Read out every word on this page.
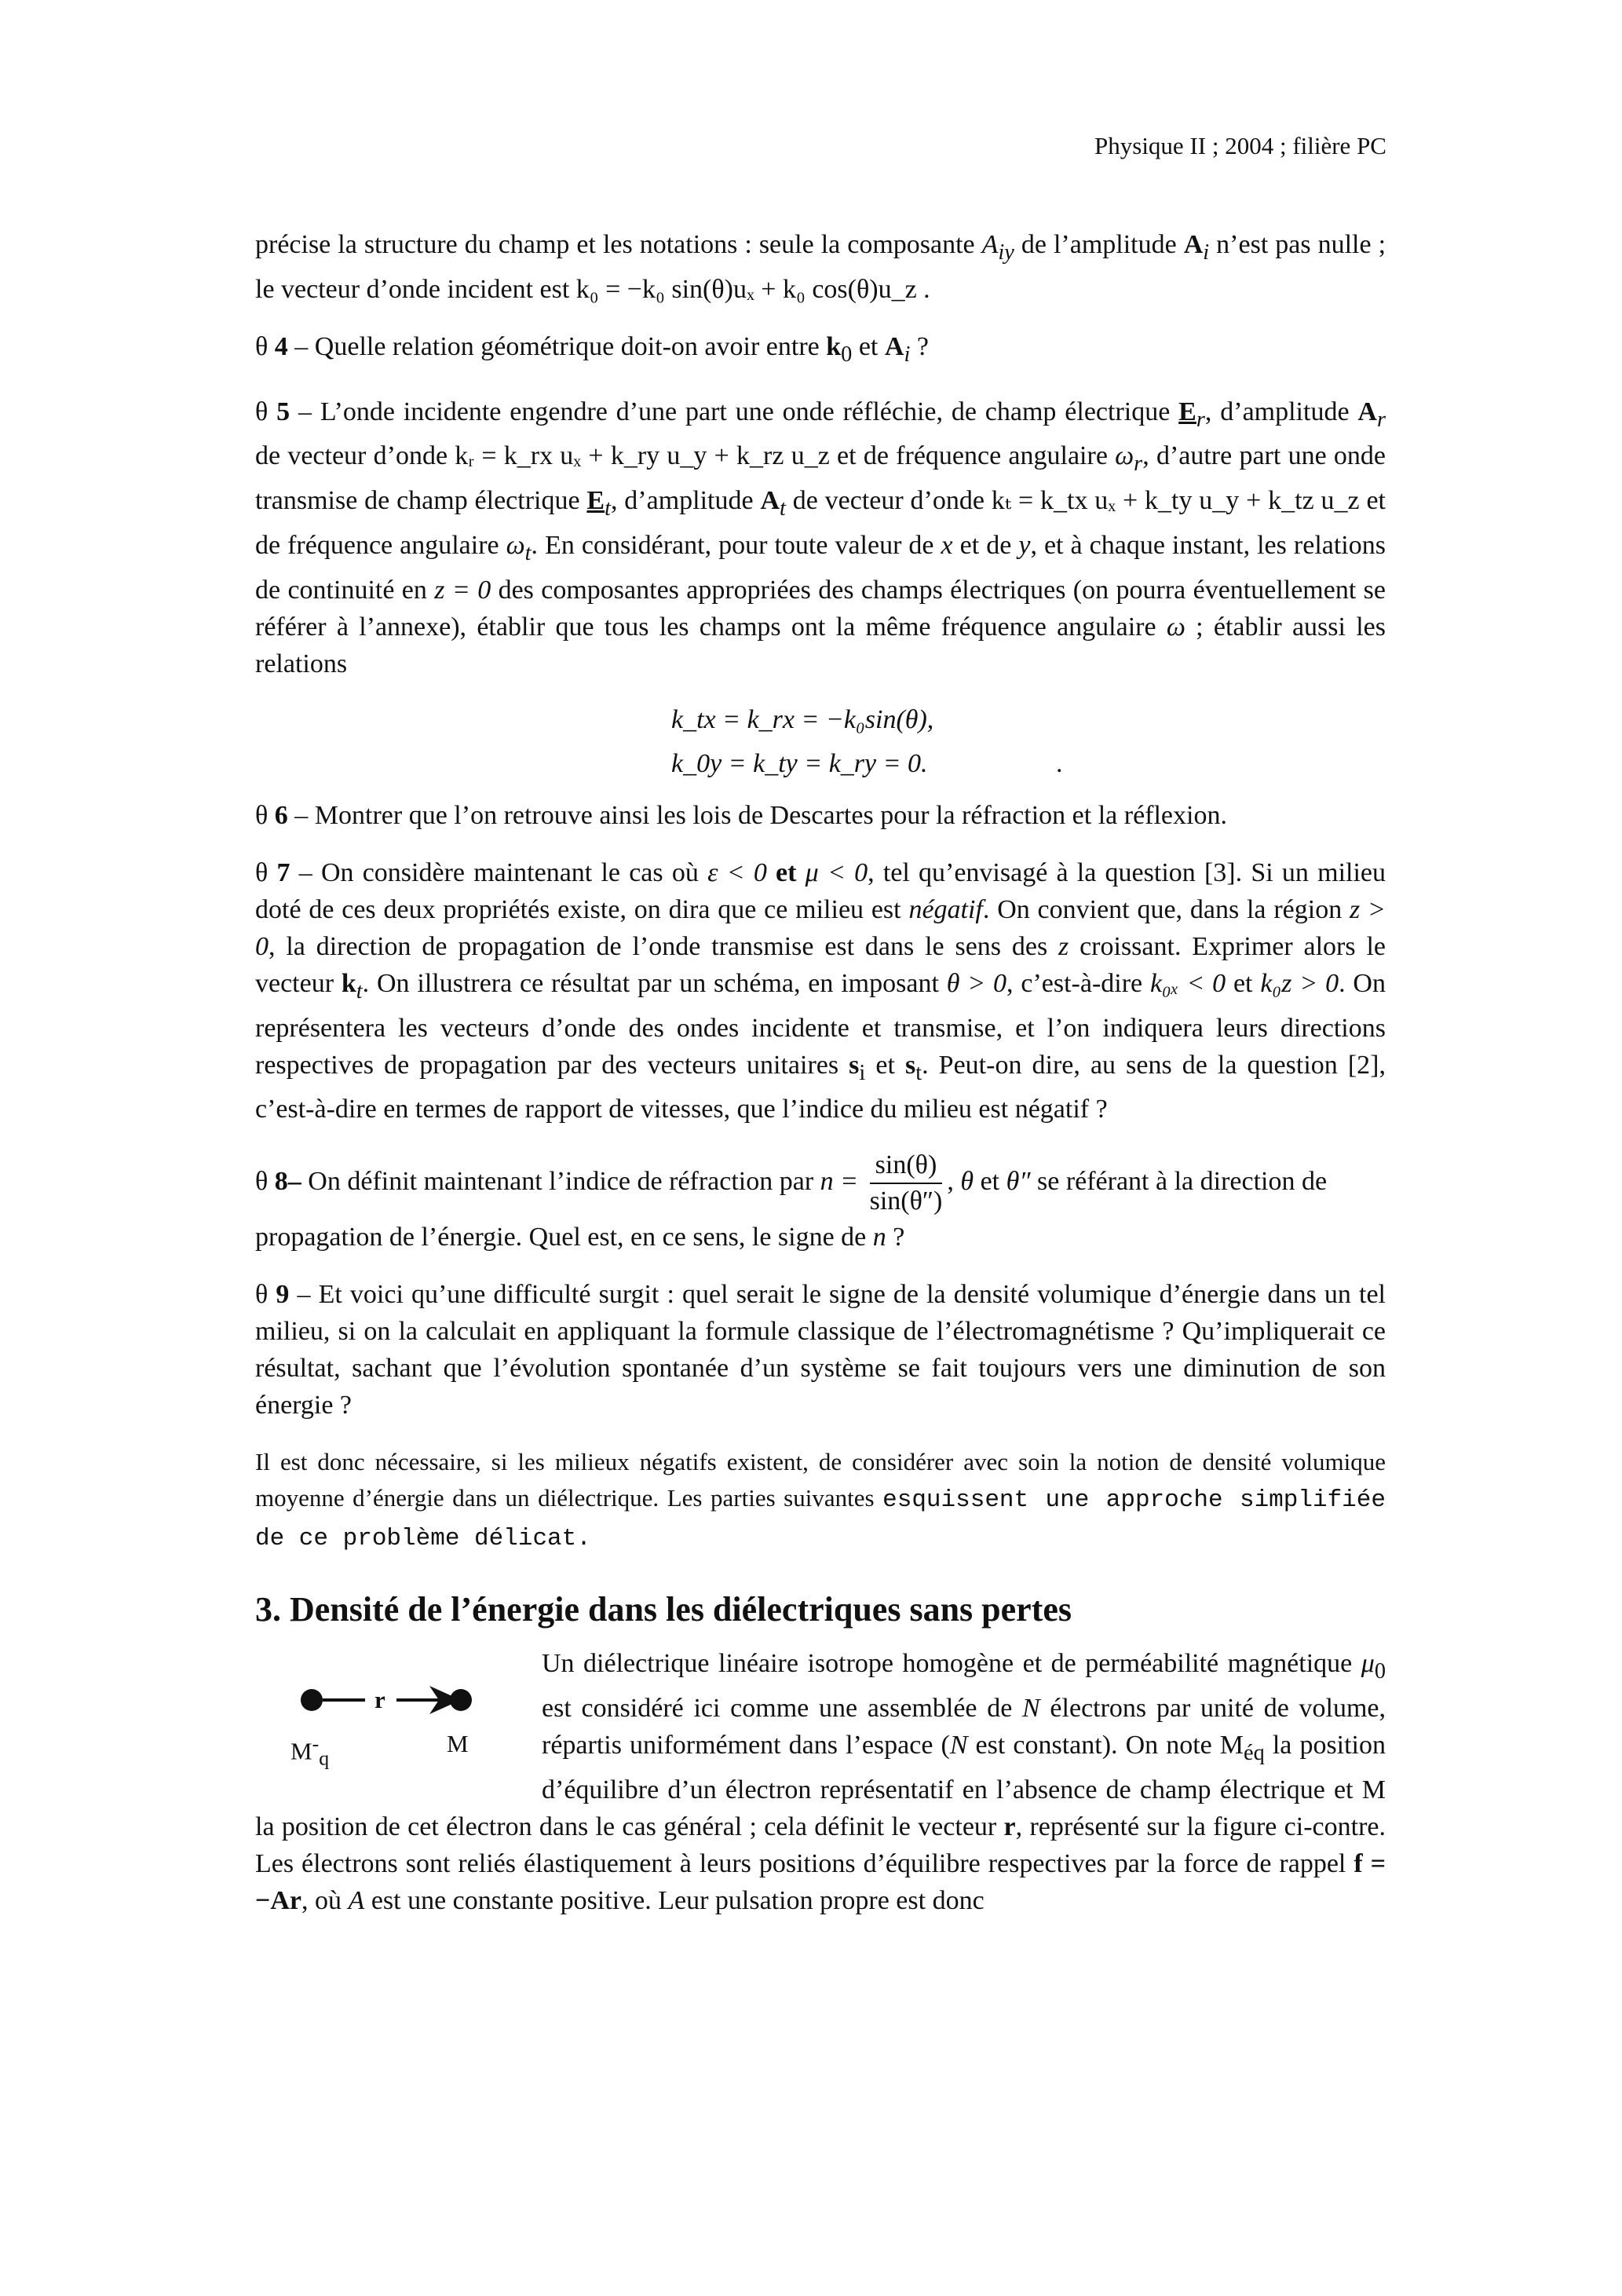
Physique II ; 2004 ; filière PC

précise la structure du champ et les notations : seule la composante $A_{iy}$ de l’amplitude $A_i$ n’est pas nulle ; le vecteur d’onde incident est k₀ = −k₀ sin(θ)uₓ + k₀ cos(θ)u_z .

θ 4 – Quelle relation géométrique doit-on avoir entre $k_0$ et $A_i$ ?

θ 5 – L’onde incidente engendre d’une part une onde réfléchie, de champ électrique $E_r$, d’amplitude $A_r$ de vecteur d’onde kᵣ = k_rx uₓ + k_ry u_y + k_rz u_z et de fréquence angulaire $\omega_r$, d’autre part une onde transmise de champ électrique $E_t$, d’amplitude $A_t$ de vecteur d’onde kₜ = k_tx uₓ + k_ty u_y + k_tz u_z et de fréquence angulaire $\omega_t$. En considérant, pour toute valeur de x et de y, et à chaque instant, les relations de continuité en z = 0 des composantes appropriées des champs électriques (on pourra éventuellement se référer à l’annexe), établir que tous les champs ont la même fréquence angulaire ω ; établir aussi les relations

k_tx = k_rx = −k₀sin(θ),
k_0y = k_ty = k_ry = 0.	.

θ 6 – Montrer que l’on retrouve ainsi les lois de Descartes pour la réfraction et la réflexion.

θ 7 – On considère maintenant le cas où ε < 0 et μ < 0, tel qu’envisagé à la question [3]. Si un milieu doté de ces deux propriétés existe, on dira que ce milieu est négatif. On convient que, dans la région z > 0, la direction de propagation de l’onde transmise est dans le sens des z croissant. Exprimer alors le vecteur $k_t$. On illustrera ce résultat par un schéma, en imposant θ > 0, c’est-à-dire k₀ₓ < 0 et k₀z > 0. On représentera les vecteurs d’onde des ondes incidente et transmise, et l’on indiquera leurs directions respectives de propagation par des vecteurs unitaires $s_i$ et $s_t$. Peut-on dire, au sens de la question [2], c’est-à-dire en termes de rapport de vitesses, que l’indice du milieu est négatif ?

θ 8– On définit maintenant l’indice de réfraction par $n = \frac{\sin(\theta)}{\sin(\theta'')}$ , θ et θ″ se référant à la direction de propagation de l’énergie. Quel est, en ce sens, le signe de n ?

θ 9 – Et voici qu’une difficulté surgit : quel serait le signe de la densité volumique d’énergie dans un tel milieu, si on la calculait en appliquant la formule classique de l’électromagnétisme ? Qu’impliquerait ce résultat, sachant que l’évolution spontanée d’un système se fait toujours vers une diminution de son énergie ?

Il est donc nécessaire, si les milieux négatifs existent, de considérer avec soin la notion de densité volumique moyenne d’énergie dans un diélectrique. Les parties suivantes esquissent une approche simplifiée de ce problème délicat.

3. Densité de l’énergie dans les diélectriques sans pertes
r
$M^-_q$
M

Un diélectrique linéaire isotrope homogène et de perméabilité magnétique $\mu_0$ est considéré ici comme une assemblée de N électrons par unité de volume, répartis uniformément dans l’espace (N est constant). On note $M_{éq}$ la position d’équilibre d’un électron représentatif en l’absence de champ électrique et M la position de cet électron dans le cas général ; cela définit le vecteur r, représenté sur la figure ci-contre. Les électrons sont reliés élastiquement à leurs positions d’équilibre respectives par la force de rappel f = −Ar, où A est une constante positive. Leur pulsation propre est donc
